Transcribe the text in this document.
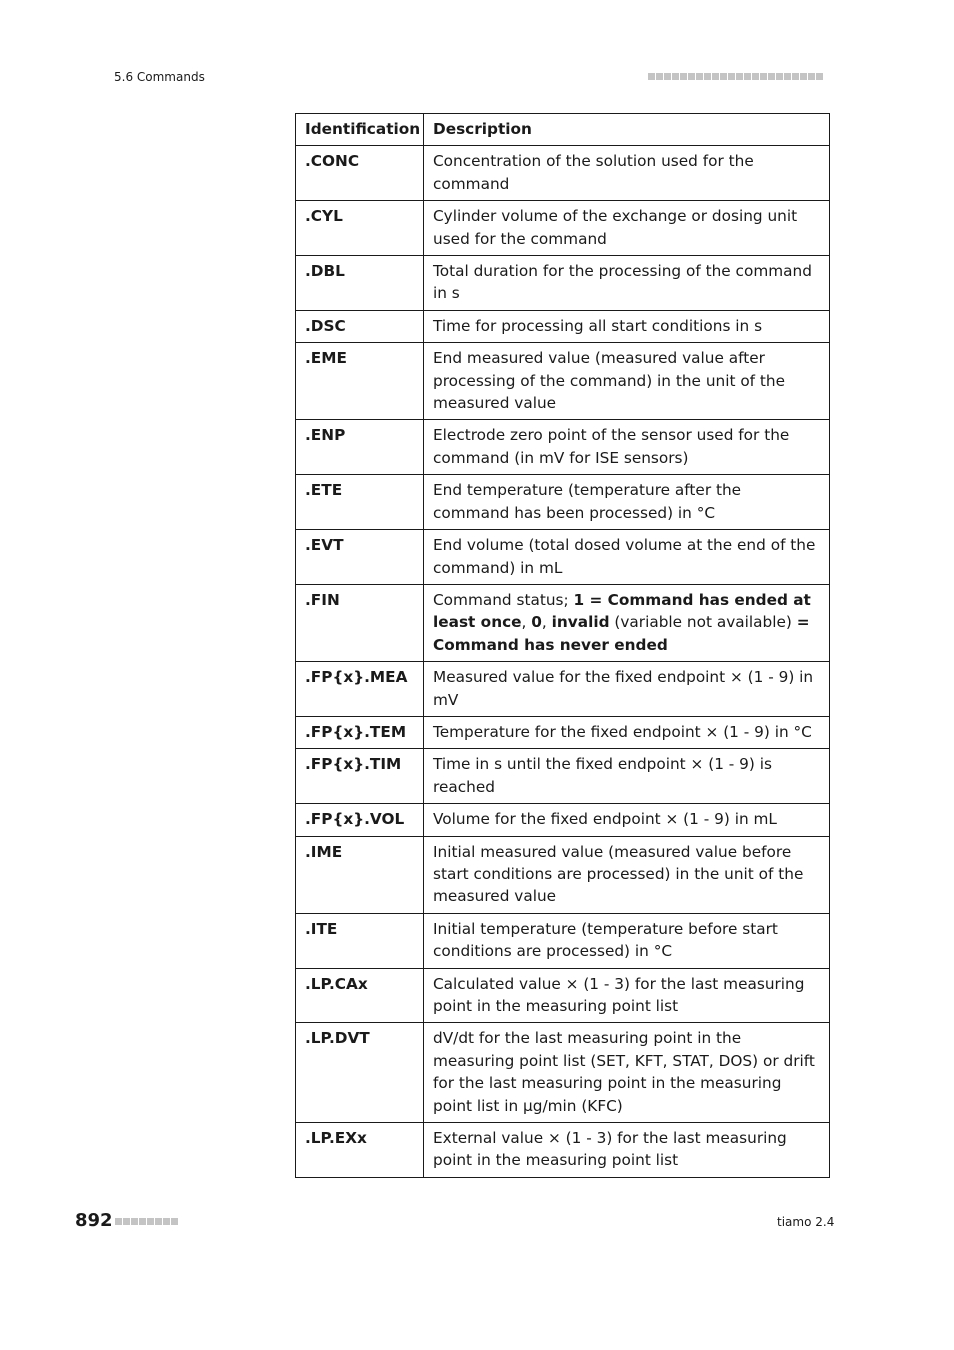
5.6 Commands
Identification	Description
.CONC	Concentration of the solution used for the command
.CYL	Cylinder volume of the exchange or dosing unit used for the command
.DBL	Total duration for the processing of the command in s
.DSC	Time for processing all start conditions in s
.EME	End measured value (measured value after processing of the command) in the unit of the measured value
.ENP	Electrode zero point of the sensor used for the command (in mV for ISE sensors)
.ETE	End temperature (temperature after the command has been processed) in °C
.EVT	End volume (total dosed volume at the end of the command) in mL
.FIN	Command status; 1 = Command has ended at least once, 0, invalid (variable not available) = Command has never ended
.FP{x}.MEA	Measured value for the fixed endpoint × (1 - 9) in mV
.FP{x}.TEM	Temperature for the fixed endpoint × (1 - 9) in °C
.FP{x}.TIM	Time in s until the fixed endpoint × (1 - 9) is reached
.FP{x}.VOL	Volume for the fixed endpoint × (1 - 9) in mL
.IME	Initial measured value (measured value before start conditions are processed) in the unit of the measured value
.ITE	Initial temperature (temperature before start conditions are processed) in °C
.LP.CAx	Calculated value × (1 - 3) for the last measuring point in the measuring point list
.LP.DVT	dV/dt for the last measuring point in the measuring point list (SET, KFT, STAT, DOS) or drift for the last measuring point in the measuring point list in µg/min (KFC)
.LP.EXx	External value × (1 - 3) for the last measuring point in the measuring point list
892	tiamo 2.4
